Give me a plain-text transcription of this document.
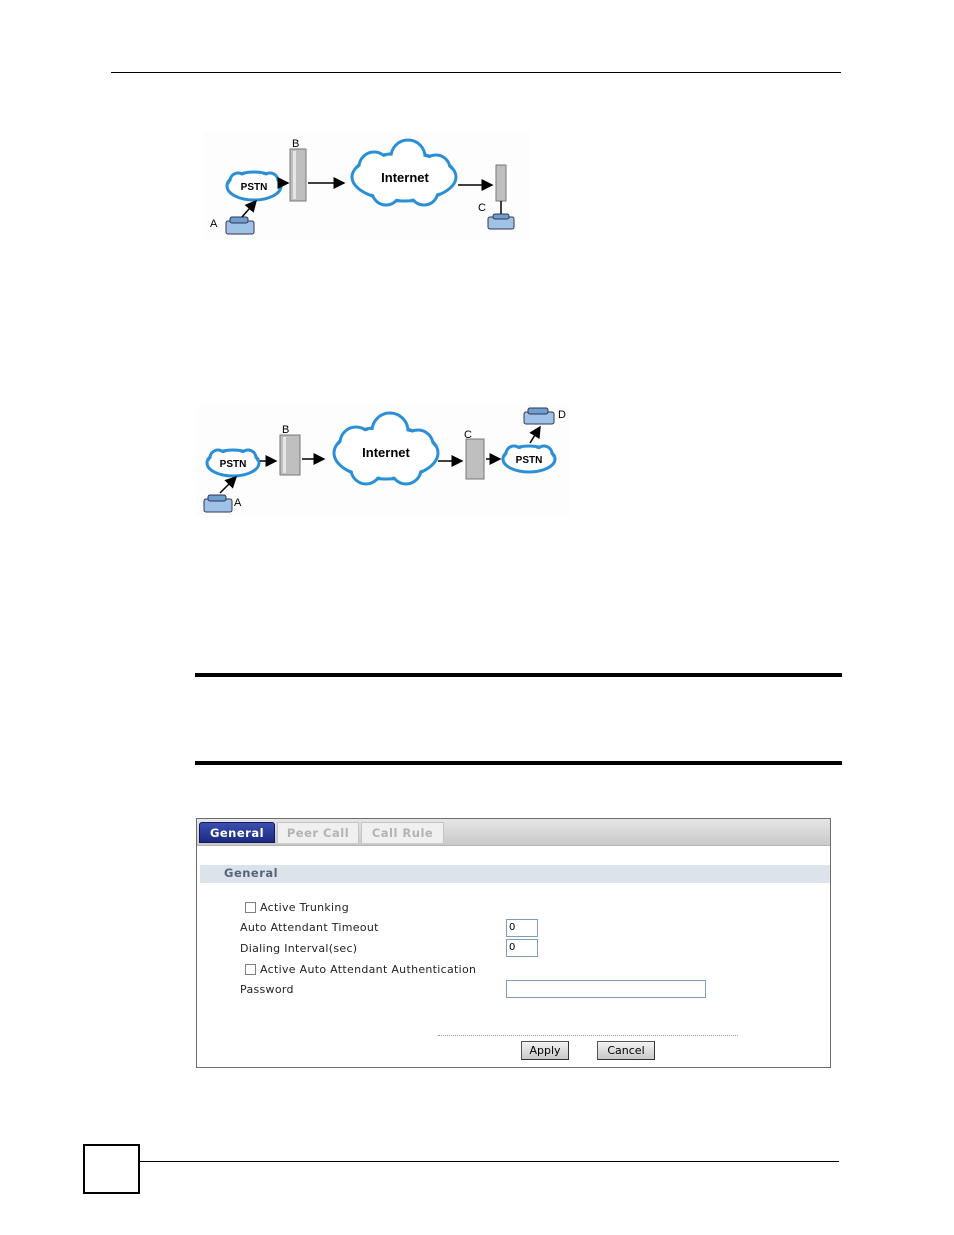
PSTN
B
Internet
C
A
PSTN
B
Internet
C
PSTN
D
A
General	Peer Call	Call Rule
General
Active Trunking
Auto Attendant Timeout	0
Dialing Interval(sec)	0
Active Auto Attendant Authentication
Password
Apply	Cancel
